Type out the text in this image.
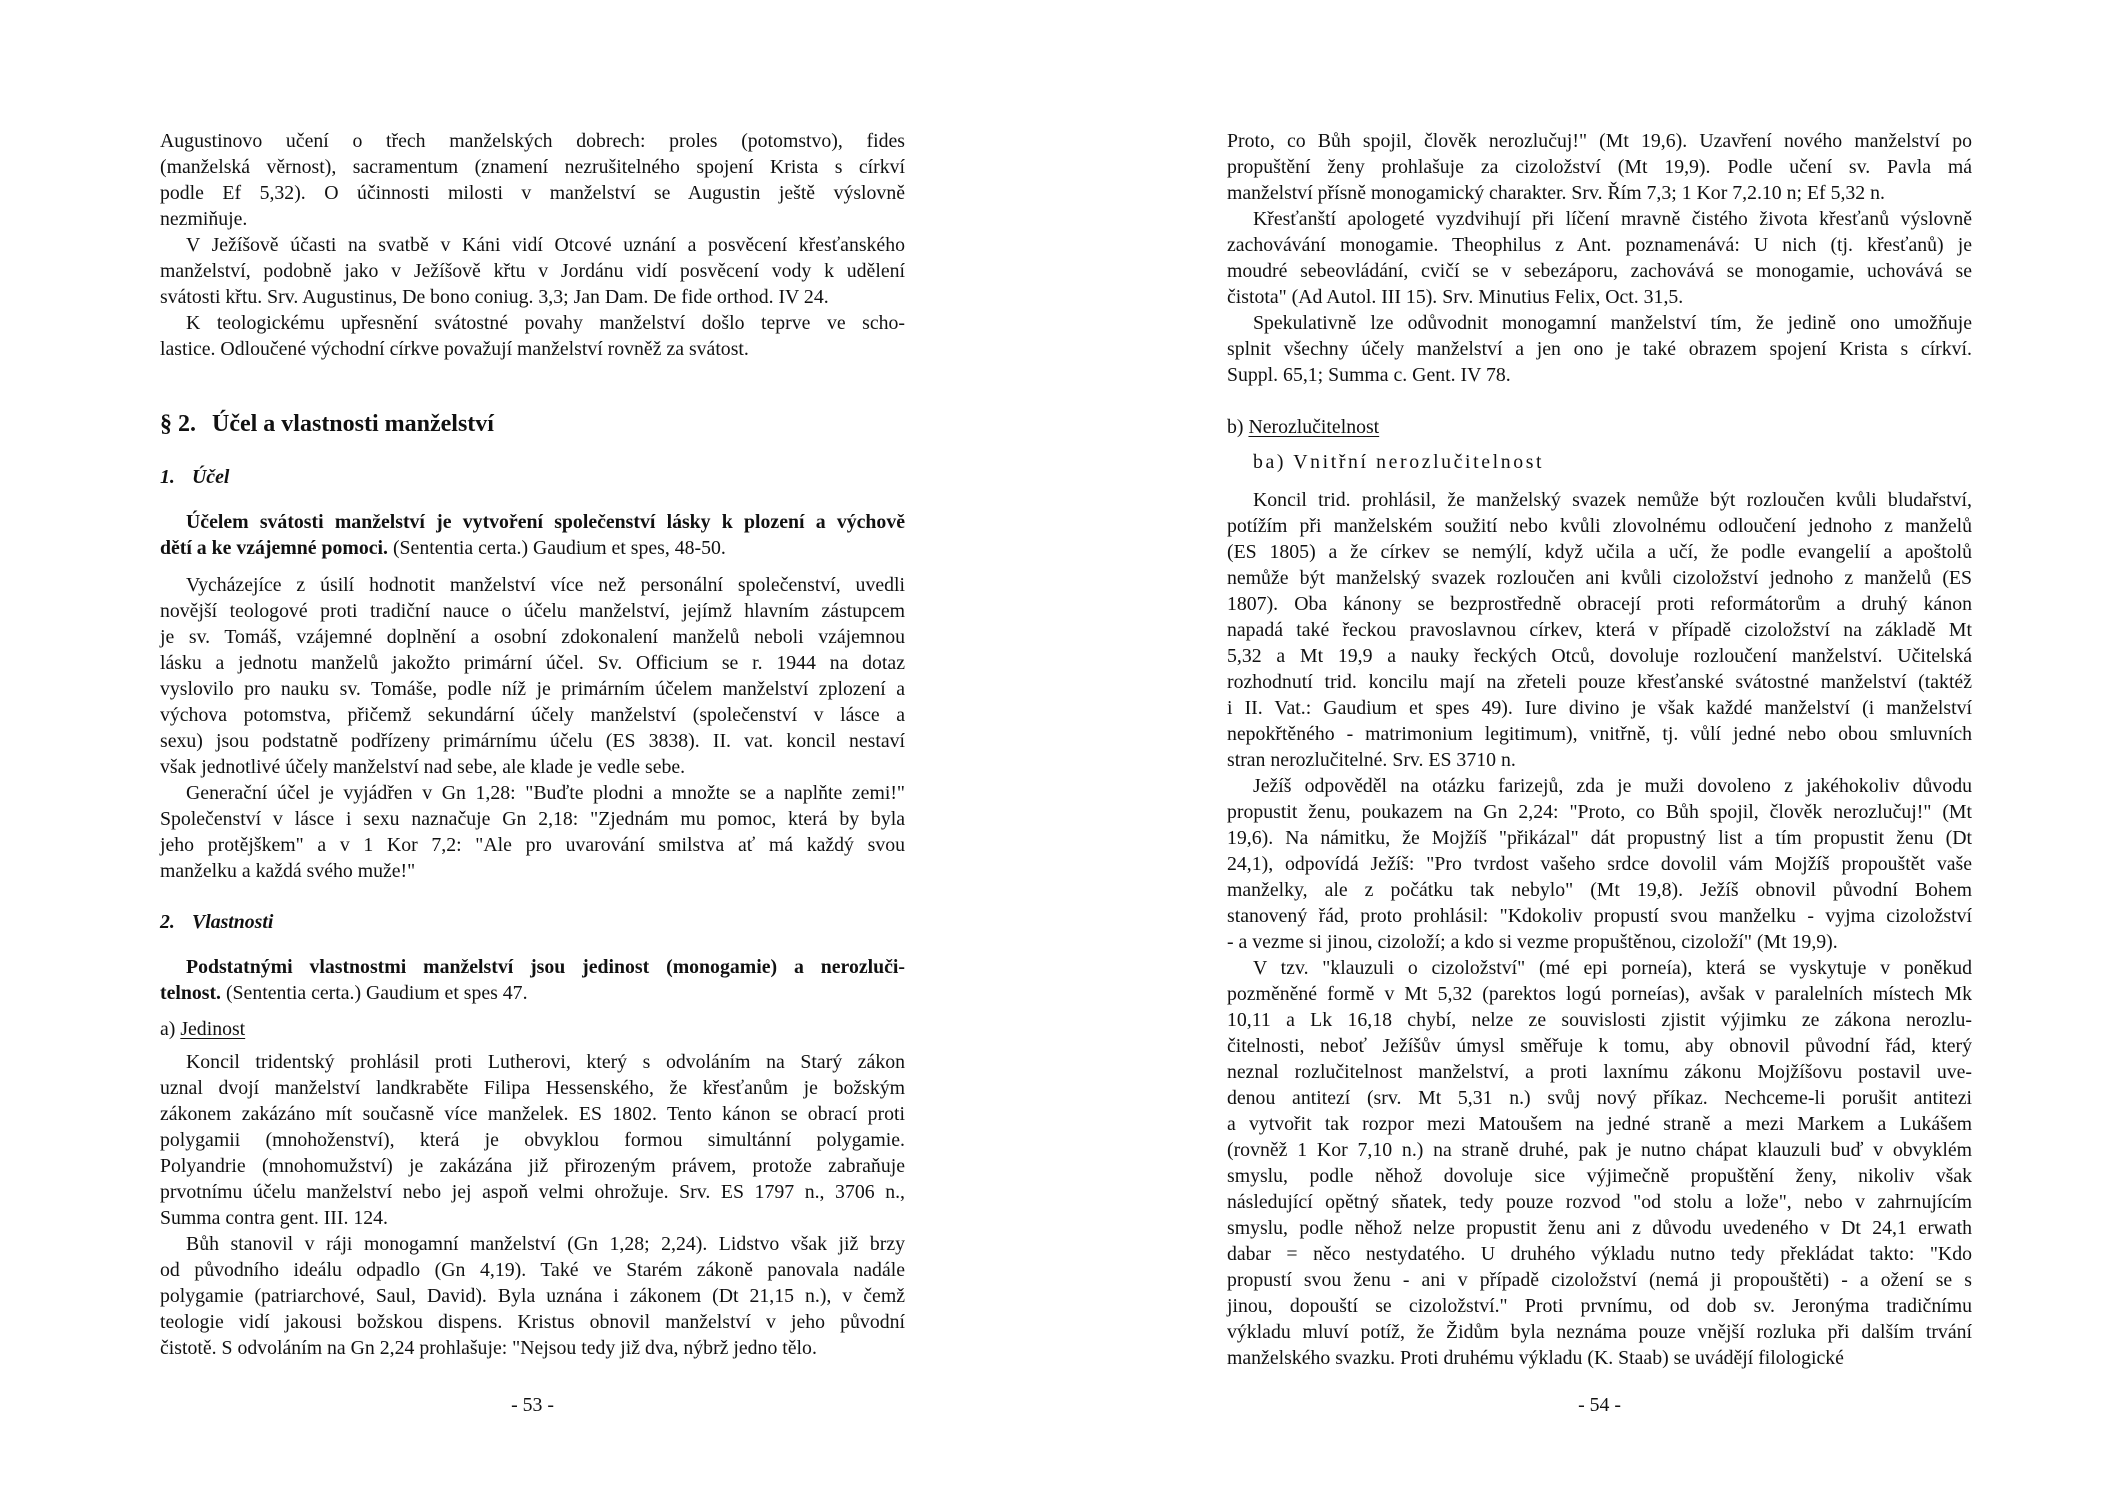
Augustinovo učení o třech manželských dobrech: proles (potomstvo), fides
(manželská věrnost), sacramentum (znamení nezrušitelného spojení Krista s církví
podle Ef 5,32). O účinnosti milosti v manželství se Augustin ještě výslovně
nezmiňuje.
V Ježíšově účasti na svatbě v Káni vidí Otcové uznání a posvěcení křesťanského
manželství, podobně jako v Ježíšově křtu v Jordánu vidí posvěcení vody k udělení
svátosti křtu. Srv. Augustinus, De bono coniug. 3,3; Jan Dam. De fide orthod. IV 24.
K teologickému upřesnění svátostné povahy manželství došlo teprve ve scho-
lastice. Odloučené východní církve považují manželství rovněž za svátost.
§ 2. Účel a vlastnosti manželství
1. Účel
Účelem svátosti manželství je vytvoření společenství lásky k plození a výchově
dětí a ke vzájemné pomoci. (Sententia certa.) Gaudium et spes, 48-50.
Vycházejíce z úsilí hodnotit manželství více než personální společenství, uvedli
novější teologové proti tradiční nauce o účelu manželství, jejímž hlavním zástupcem
je sv. Tomáš, vzájemné doplnění a osobní zdokonalení manželů neboli vzájemnou
lásku a jednotu manželů jakožto primární účel. Sv. Officium se r. 1944 na dotaz
vyslovilo pro nauku sv. Tomáše, podle níž je primárním účelem manželství zplození a
výchova potomstva, přičemž sekundární účely manželství (společenství v lásce a
sexu) jsou podstatně podřízeny primárnímu účelu (ES 3838). II. vat. koncil nestaví
však jednotlivé účely manželství nad sebe, ale klade je vedle sebe.
Generační účel je vyjádřen v Gn 1,28: "Buďte plodni a množte se a naplňte zemi!"
Společenství v lásce i sexu naznačuje Gn 2,18: "Zjednám mu pomoc, která by byla
jeho protějškem" a v 1 Kor 7,2: "Ale pro uvarování smilstva ať má každý svou
manželku a každá svého muže!"
2. Vlastnosti
Podstatnými vlastnostmi manželství jsou jedinost (monogamie) a nerozluči-
telnost. (Sententia certa.) Gaudium et spes 47.
a) Jedinost
Koncil tridentský prohlásil proti Lutherovi, který s odvoláním na Starý zákon
uznal dvojí manželství landkraběte Filipa Hessenského, že křesťanům je božským
zákonem zakázáno mít současně více manželek. ES 1802. Tento kánon se obrací proti
polygamii (mnohoženství), která je obvyklou formou simultánní polygamie.
Polyandrie (mnohomužství) je zakázána již přirozeným právem, protože zabraňuje
prvotnímu účelu manželství nebo jej aspoň velmi ohrožuje. Srv. ES 1797 n., 3706 n.,
Summa contra gent. III. 124.
Bůh stanovil v ráji monogamní manželství (Gn 1,28; 2,24). Lidstvo však již brzy
od původního ideálu odpadlo (Gn 4,19). Také ve Starém zákoně panovala nadále
polygamie (patriarchové, Saul, David). Byla uznána i zákonem (Dt 21,15 n.), v čemž
teologie vidí jakousi božskou dispens. Kristus obnovil manželství v jeho původní
čistotě. S odvoláním na Gn 2,24 prohlašuje: "Nejsou tedy již dva, nýbrž jedno tělo.
Proto, co Bůh spojil, člověk nerozlučuj!" (Mt 19,6). Uzavření nového manželství po
propuštění ženy prohlašuje za cizoložství (Mt 19,9). Podle učení sv. Pavla má
manželství přísně monogamický charakter. Srv. Řím 7,3; 1 Kor 7,2.10 n; Ef 5,32 n.
Křesťanští apologeté vyzdvihují při líčení mravně čistého života křesťanů výslovně
zachovávání monogamie. Theophilus z Ant. poznamenává: U nich (tj. křesťanů) je
moudré sebeovládání, cvičí se v sebezáporu, zachovává se monogamie, uchovává se
čistota" (Ad Autol. III 15). Srv. Minutius Felix, Oct. 31,5.
Spekulativně lze odůvodnit monogamní manželství tím, že jedině ono umožňuje
splnit všechny účely manželství a jen ono je také obrazem spojení Krista s církví.
Suppl. 65,1; Summa c. Gent. IV 78.
b) Nerozlučitelnost
ba) Vnitřní nerozlučitelnost
Koncil trid. prohlásil, že manželský svazek nemůže být rozloučen kvůli bludařství,
potížím při manželském soužití nebo kvůli zlovolnému odloučení jednoho z manželů
(ES 1805) a že církev se nemýlí, když učila a učí, že podle evangelií a apoštolů
nemůže být manželský svazek rozloučen ani kvůli cizoložství jednoho z manželů (ES
1807). Oba kánony se bezprostředně obracejí proti reformátorům a druhý kánon
napadá také řeckou pravoslavnou církev, která v případě cizoložství na základě Mt
5,32 a Mt 19,9 a nauky řeckých Otců, dovoluje rozloučení manželství. Učitelská
rozhodnutí trid. koncilu mají na zřeteli pouze křesťanské svátostné manželství (taktéž
i II. Vat.: Gaudium et spes 49). Iure divino je však každé manželství (i manželství
nepokřtěného - matrimonium legitimum), vnitřně, tj. vůlí jedné nebo obou smluvních
stran nerozlučitelné. Srv. ES 3710 n.
Ježíš odpověděl na otázku farizejů, zda je muži dovoleno z jakéhokoliv důvodu
propustit ženu, poukazem na Gn 2,24: "Proto, co Bůh spojil, člověk nerozlučuj!" (Mt
19,6). Na námitku, že Mojžíš "přikázal" dát propustný list a tím propustit ženu (Dt
24,1), odpovídá Ježíš: "Pro tvrdost vašeho srdce dovolil vám Mojžíš propouštět vaše
manželky, ale z počátku tak nebylo" (Mt 19,8). Ježíš obnovil původní Bohem
stanovený řád, proto prohlásil: "Kdokoliv propustí svou manželku - vyjma cizoložství
- a vezme si jinou, cizoloží; a kdo si vezme propuštěnou, cizoloží" (Mt 19,9).
V tzv. "klauzuli o cizoložství" (mé epi porneía), která se vyskytuje v poněkud
pozměněné formě v Mt 5,32 (parektos logú porneías), avšak v paralelních místech Mk
10,11 a Lk 16,18 chybí, nelze ze souvislosti zjistit výjimku ze zákona nerozlu-
čitelnosti, neboť Ježíšův úmysl směřuje k tomu, aby obnovil původní řád, který
neznal rozlučitelnost manželství, a proti laxnímu zákonu Mojžíšovu postavil uve-
denou antitezí (srv. Mt 5,31 n.) svůj nový příkaz. Nechceme-li porušit antitezi
a vytvořit tak rozpor mezi Matoušem na jedné straně a mezi Markem a Lukášem
(rovněž 1 Kor 7,10 n.) na straně druhé, pak je nutno chápat klauzuli buď v obvyklém
smyslu, podle něhož dovoluje sice výjimečně propuštění ženy, nikoliv však
následující opětný sňatek, tedy pouze rozvod "od stolu a lože", nebo v zahrnujícím
smyslu, podle něhož nelze propustit ženu ani z důvodu uvedeného v Dt 24,1 erwath
dabar = něco nestydatého. U druhého výkladu nutno tedy překládat takto: "Kdo
propustí svou ženu - ani v případě cizoložství (nemá ji propouštěti) - a ožení se s
jinou, dopouští se cizoložství." Proti prvnímu, od dob sv. Jeronýma tradičnímu
výkladu mluví potíž, že Židům byla neznáma pouze vnější rozluka při dalším trvání
manželského svazku. Proti druhému výkladu (K. Staab) se uvádějí filologické
- 53 -	- 54 -
